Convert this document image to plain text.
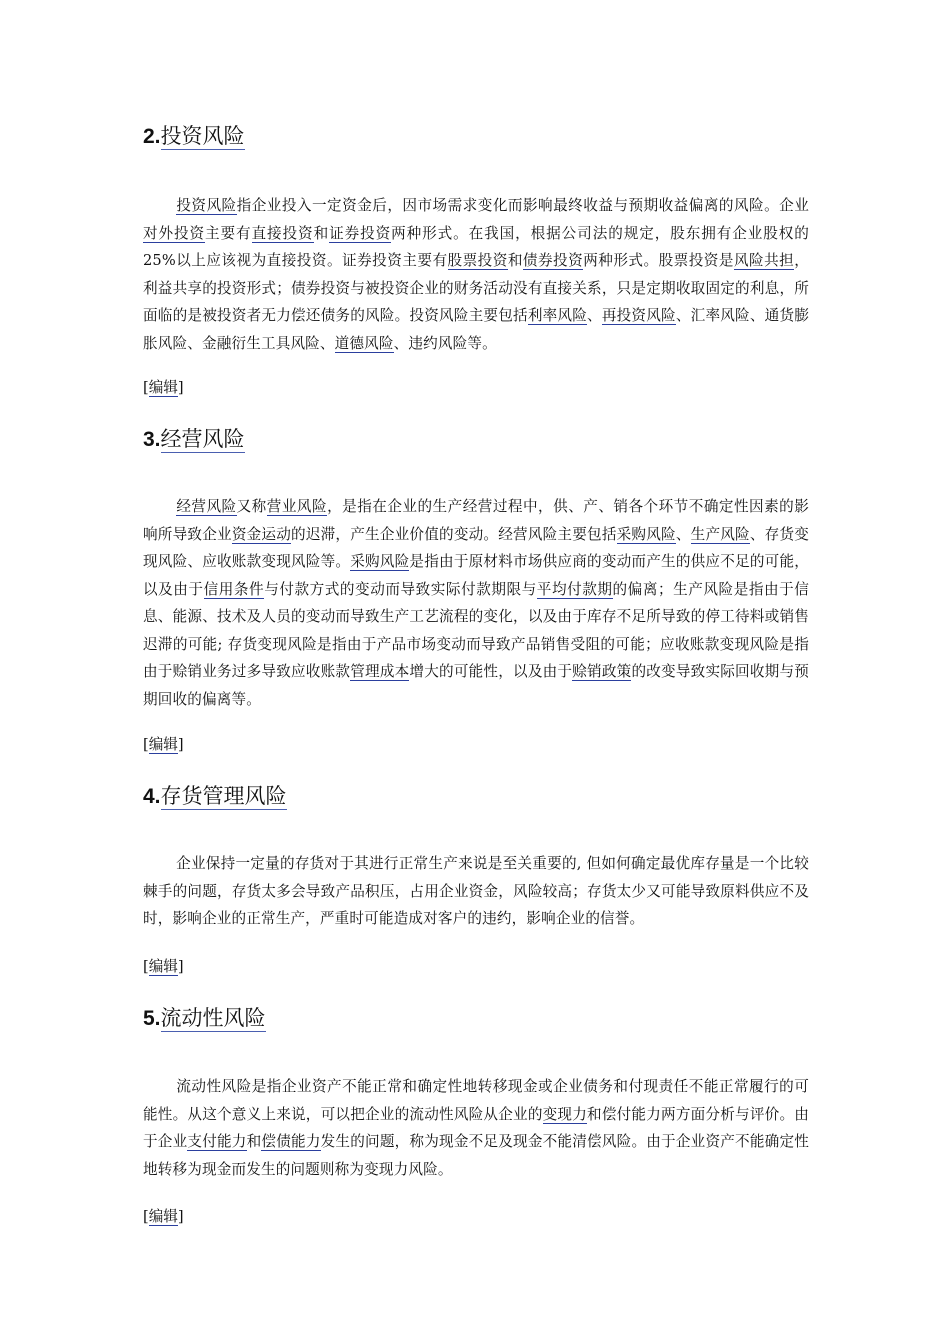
2.投资风险

投资风险指企业投入一定资金后，因市场需求变化而影响最终收益与预期收益偏离的风险。企业对外投资主要有直接投资和证券投资两种形式。在我国，根据公司法的规定，股东拥有企业股权的 25%以上应该视为直接投资。证券投资主要有股票投资和债券投资两种形式。股票投资是风险共担，利益共享的投资形式；债券投资与被投资企业的财务活动没有直接关系，只是定期收取固定的利息，所面临的是被投资者无力偿还债务的风险。投资风险主要包括利率风险、再投资风险、汇率风险、通货膨胀风险、金融衍生工具风险、道德风险、违约风险等。

[编辑]
3.经营风险

经营风险又称营业风险，是指在企业的生产经营过程中，供、产、销各个环节不确定性因素的影响所导致企业资金运动的迟滞，产生企业价值的变动。经营风险主要包括采购风险、生产风险、存货变现风险、应收账款变现风险等。采购风险是指由于原材料市场供应商的变动而产生的供应不足的可能，以及由于信用条件与付款方式的变动而导致实际付款期限与平均付款期的偏离；生产风险是指由于信息、能源、技术及人员的变动而导致生产工艺流程的变化，以及由于库存不足所导致的停工待料或销售迟滞的可能; 存货变现风险是指由于产品市场变动而导致产品销售受阻的可能；应收账款变现风险是指由于赊销业务过多导致应收账款管理成本增大的可能性，以及由于赊销政策的改变导致实际回收期与预期回收的偏离等。

[编辑]
4.存货管理风险

企业保持一定量的存货对于其进行正常生产来说是至关重要的, 但如何确定最优库存量是一个比较棘手的问题，存货太多会导致产品积压，占用企业资金，风险较高；存货太少又可能导致原料供应不及时，影响企业的正常生产，严重时可能造成对客户的违约，影响企业的信誉。

[编辑]
5.流动性风险

流动性风险是指企业资产不能正常和确定性地转移现金或企业债务和付现责任不能正常履行的可能性。从这个意义上来说，可以把企业的流动性风险从企业的变现力和偿付能力两方面分析与评价。由于企业支付能力和偿债能力发生的问题，称为现金不足及现金不能清偿风险。由于企业资产不能确定性地转移为现金而发生的问题则称为变现力风险。

[编辑]
